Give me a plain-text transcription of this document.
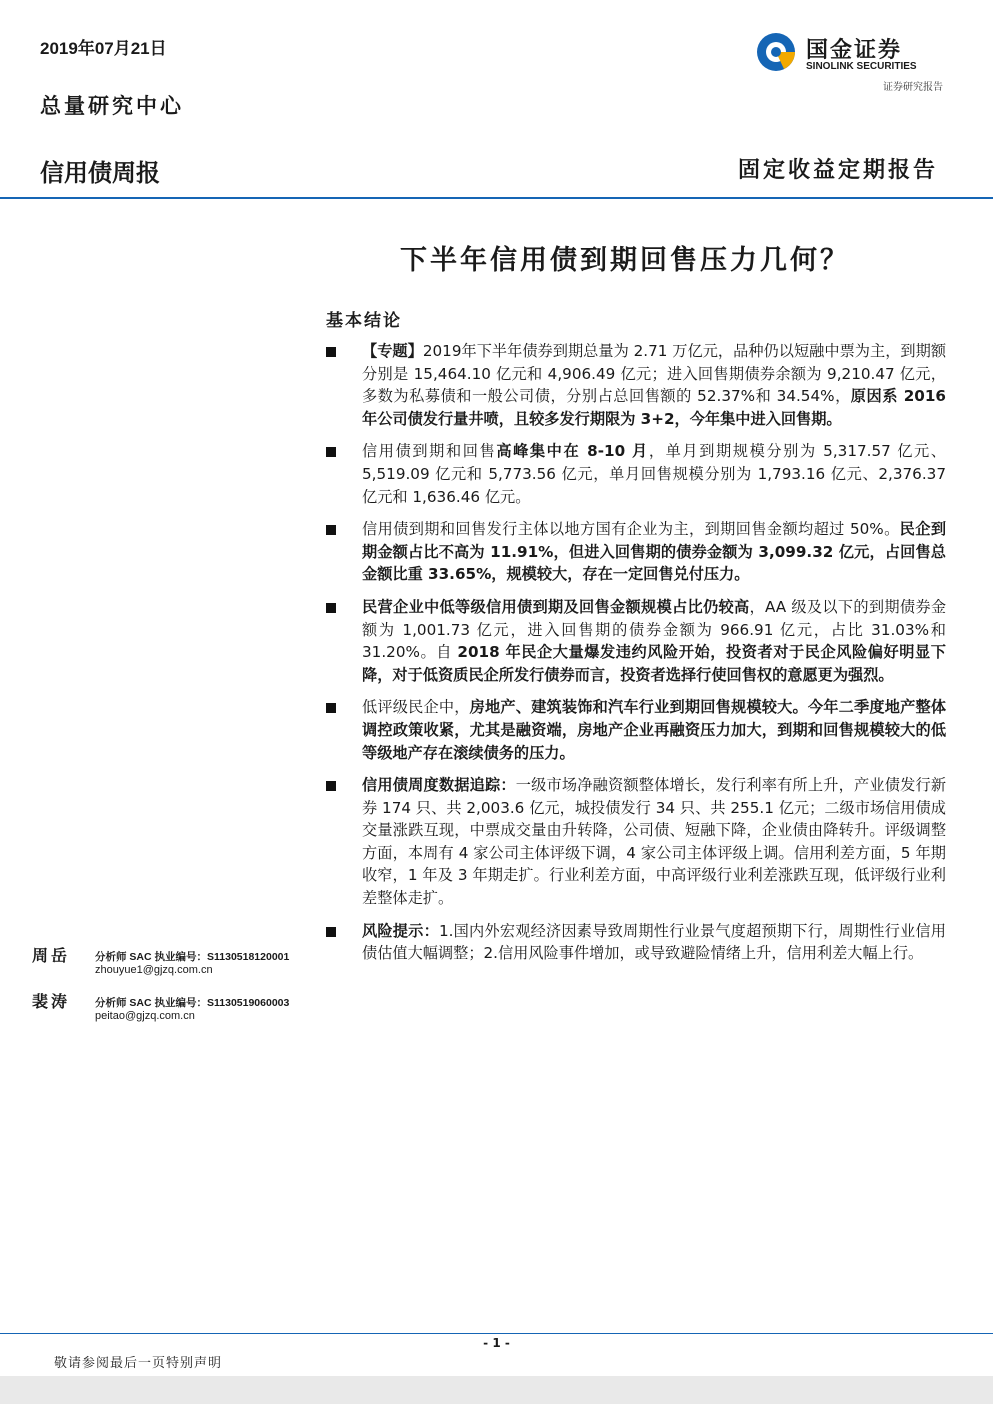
2019年07月21日
总量研究中心
信用债周报	固定收益定期报告
国金证券
SINOLINK SECURITIES
证券研究报告
下半年信用债到期回售压力几何？
基本结论
【专题】2019年下半年债券到期总量为 2.71 万亿元，品种仍以短融中票为主，到期额分别是 15,464.10 亿元和 4,906.49 亿元；进入回售期债券余额为 9,210.47 亿元，多数为私募债和一般公司债，分别占总回售额的 52.37%和 34.54%，原因系 2016 年公司债发行量井喷，且较多发行期限为 3+2，今年集中进入回售期。
信用债到期和回售高峰集中在 8-10 月，单月到期规模分别为 5,317.57 亿元、5,519.09 亿元和 5,773.56 亿元，单月回售规模分别为 1,793.16 亿元、2,376.37 亿元和 1,636.46 亿元。
信用债到期和回售发行主体以地方国有企业为主，到期回售金额均超过 50%。民企到期金额占比不高为 11.91%，但进入回售期的债券金额为 3,099.32 亿元，占回售总金额比重 33.65%，规模较大，存在一定回售兑付压力。
民营企业中低等级信用债到期及回售金额规模占比仍较高，AA 级及以下的到期债券金额为 1,001.73 亿元，进入回售期的债券金额为 966.91 亿元，占比 31.03%和 31.20%。自 2018 年民企大量爆发违约风险开始，投资者对于民企风险偏好明显下降，对于低资质民企所发行债券而言，投资者选择行使回售权的意愿更为强烈。
低评级民企中，房地产、建筑装饰和汽车行业到期回售规模较大。今年二季度地产整体调控政策收紧，尤其是融资端，房地产企业再融资压力加大，到期和回售规模较大的低等级地产存在滚续债务的压力。
信用债周度数据追踪：一级市场净融资额整体增长，发行利率有所上升，产业债发行新券 174 只、共 2,003.6 亿元，城投债发行 34 只、共 255.1 亿元；二级市场信用债成交量涨跌互现，中票成交量由升转降，公司债、短融下降，企业债由降转升。评级调整方面，本周有 4 家公司主体评级下调，4 家公司主体评级上调。信用利差方面，5 年期收窄，1 年及 3 年期走扩。行业利差方面，中高评级行业利差涨跌互现，低评级行业利差整体走扩。
风险提示：1.国内外宏观经济因素导致周期性行业景气度超预期下行，周期性行业信用债估值大幅调整；2.信用风险事件增加，或导致避险情绪上升，信用利差大幅上行。
周岳 分析师 SAC 执业编号：S1130518120001
zhouyue1@gjzq.com.cn
裴涛 分析师 SAC 执业编号：S1130519060003
peitao@gjzq.com.cn
- 1 -
敬请参阅最后一页特别声明
